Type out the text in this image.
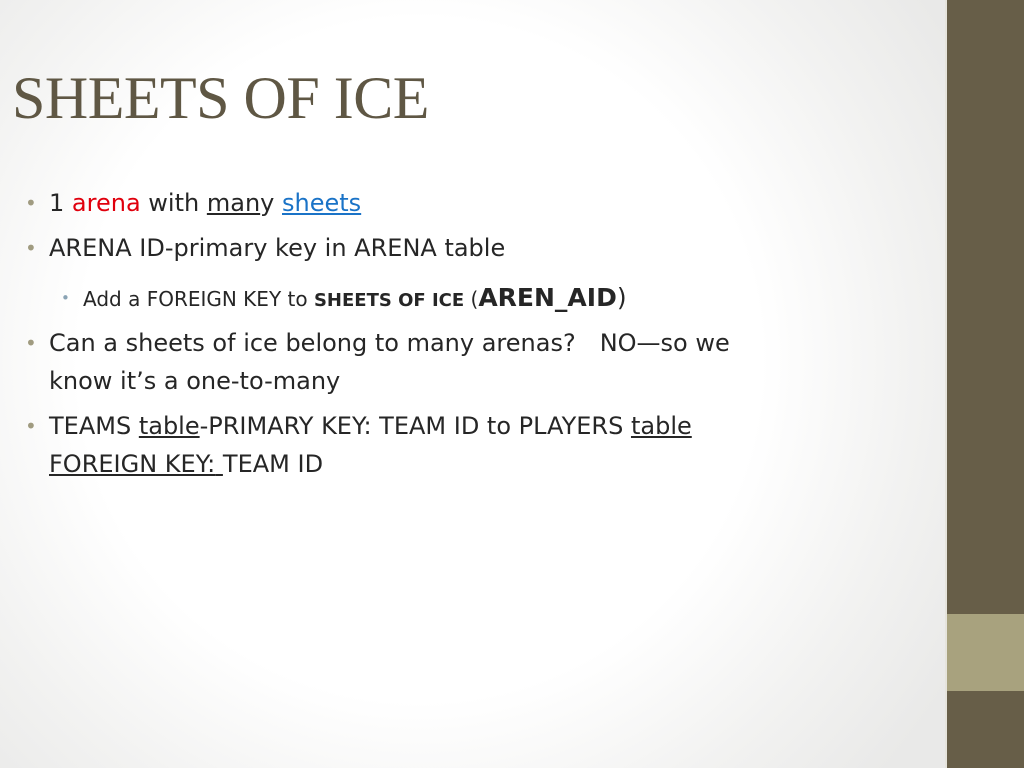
SHEETS OF ICE
• 1 arena with many sheets
• ARENA ID-primary key in ARENA table
• Add a FOREIGN KEY to SHEETS OF ICE (AREN_AID)
• Can a sheets of ice belong to many arenas? NO—so we
know it’s a one-to-many
• TEAMS table-PRIMARY KEY: TEAM ID to PLAYERS table
FOREIGN KEY: TEAM ID
